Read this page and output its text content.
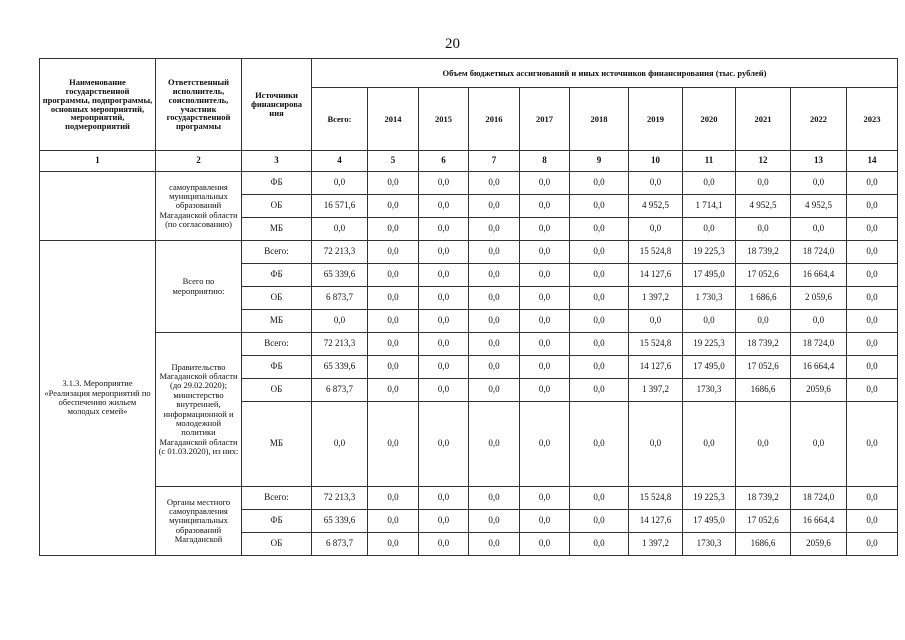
20
Наименование государственной программы, подпрограммы, основных мероприятий, мероприятий, подмероприятий	Ответственный исполнитель, соисполнитель, участник государственной программы	Источники финансирова ния	Объем бюджетных ассигнований и иных источников финансирования (тыс. рублей)										
			Всего:	2014	2015	2016	2017	2018	2019	2020	2021	2022	2023
1	2	3	4	5	6	7	8	9	10	11	12	13	14
	самоуправления муниципальных образований Магаданской области (по согласованию)	ФБ	0,0	0,0	0,0	0,0	0,0	0,0	0,0	0,0	0,0	0,0	0,0
		ОБ	16 571,6	0,0	0,0	0,0	0,0	0,0	4 952,5	1 714,1	4 952,5	4 952,5	0,0
		МБ	0,0	0,0	0,0	0,0	0,0	0,0	0,0	0,0	0,0	0,0	0,0
3.1.3. Мероприятие «Реализация мероприятий по обеспечению жильем молодых семей»	Всего по мероприятию:	Всего:	72 213,3	0,0	0,0	0,0	0,0	0,0	15 524,8	19 225,3	18 739,2	18 724,0	0,0
		ФБ	65 339,6	0,0	0,0	0,0	0,0	0,0	14 127,6	17 495,0	17 052,6	16 664,4	0,0
		ОБ	6 873,7	0,0	0,0	0,0	0,0	0,0	1 397,2	1 730,3	1 686,6	2 059,6	0,0
		МБ	0,0	0,0	0,0	0,0	0,0	0,0	0,0	0,0	0,0	0,0	0,0
	Правительство Магаданской области (до 29.02.2020); министерство внутренней, информационной и молодежной политики Магаданской области (с 01.03.2020), из них:	Всего:	72 213,3	0,0	0,0	0,0	0,0	0,0	15 524,8	19 225,3	18 739,2	18 724,0	0,0
		ФБ	65 339,6	0,0	0,0	0,0	0,0	0,0	14 127,6	17 495,0	17 052,6	16 664,4	0,0
		ОБ	6 873,7	0,0	0,0	0,0	0,0	0,0	1 397,2	1730,3	1686,6	2059,6	0,0
		МБ	0,0	0,0	0,0	0,0	0,0	0,0	0,0	0,0	0,0	0,0	0,0
	Органы местного самоуправления муниципальных образований Магаданской	Всего:	72 213,3	0,0	0,0	0,0	0,0	0,0	15 524,8	19 225,3	18 739,2	18 724,0	0,0
		ФБ	65 339,6	0,0	0,0	0,0	0,0	0,0	14 127,6	17 495,0	17 052,6	16 664,4	0,0
		ОБ	6 873,7	0,0	0,0	0,0	0,0	0,0	1 397,2	1730,3	1686,6	2059,6	0,0
